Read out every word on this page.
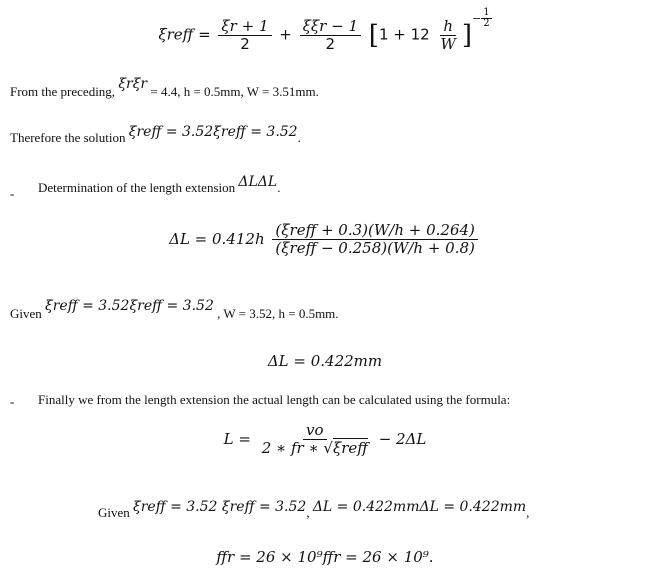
ξreff = $\frac{\xi r + 1}{2} + \frac{\text{ξξr − 1}}{2} [1 + 12 \frac{h}{W} ]^{- \frac{1}{2}}$
From the preceding, ξrξr = 4.4, h = 0.5mm, W = 3.51mm.
Therefore the solution ξreff = 3.52ξreff = 3.52.
- Determination of the length extension ΔLΔL.
$\Delta L = 0.412h \frac{\text{(ξreff + 0.3)(W/h + 0.264)}}{\text{(ξreff − 0.258)(W/h + 0.8)}}$
Given ξreff = 3.52ξreff = 3.52 , W = 3.52, h = 0.5mm.
ΔL = 0.422mm
- Finally we from the length extension the actual length can be calculated using the formula:
$L = \frac{vo}{\text{2 ∗ fr ∗ √ξreff}} - 2\Delta L$
Given ξreff = 3.52 ξreff = 3.52, ΔL = 0.422mmΔL = 0.422mm,
ffr = 26 × 10⁹ffr = 26 × 10⁹.
